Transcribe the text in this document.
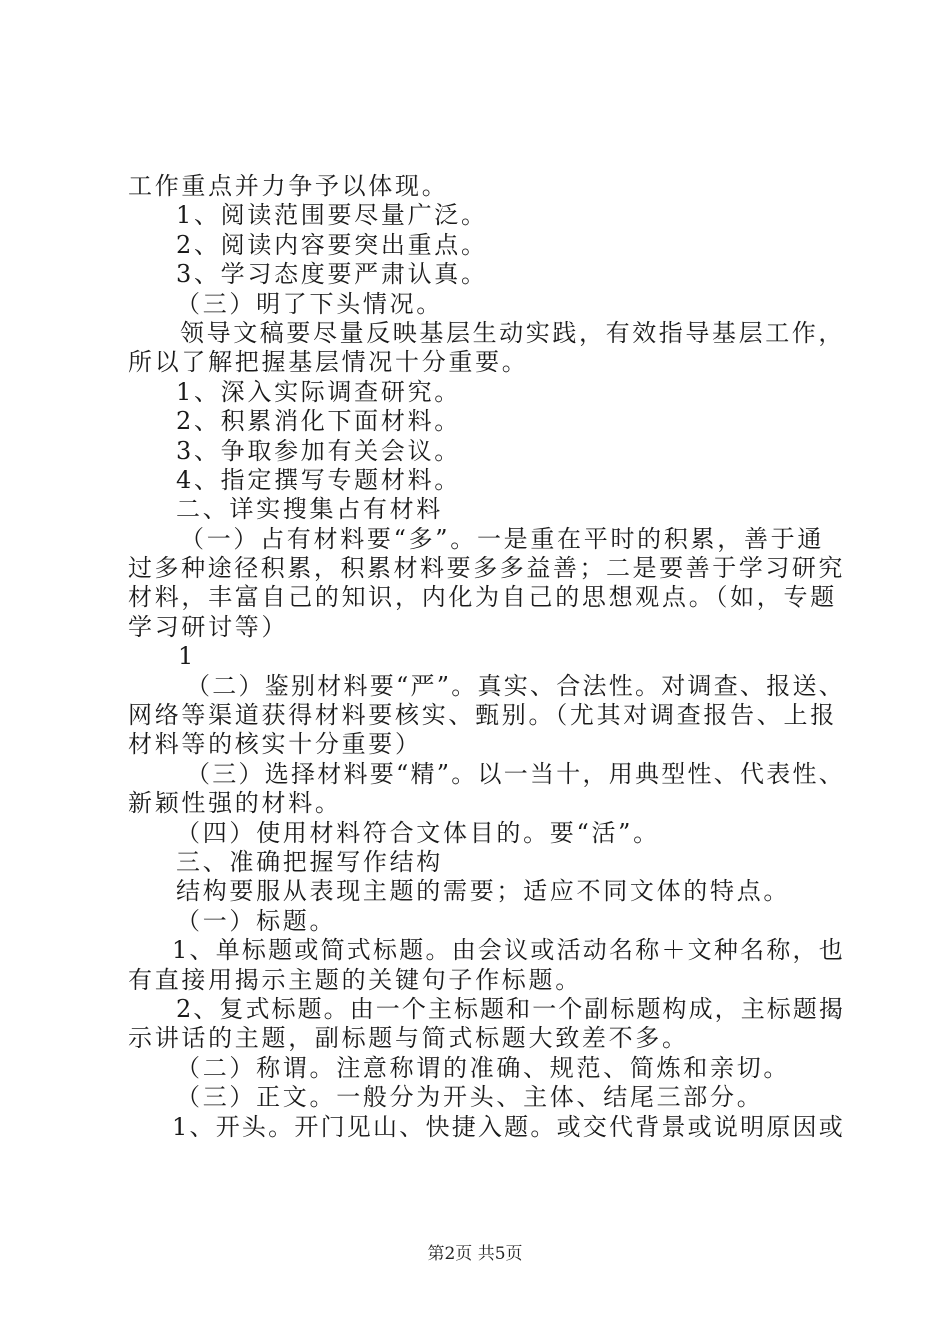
工作重点并力争予以体现。
1、阅读范围要尽量广泛。
2、阅读内容要突出重点。
3、学习态度要严肃认真。
（三）明了下头情况。
领导文稿要尽量反映基层生动实践，有效指导基层工作，
所以了解把握基层情况十分重要。
1、深入实际调查研究。
2、积累消化下面材料。
3、争取参加有关会议。
4、指定撰写专题材料。
二、详实搜集占有材料
（一）占有材料要“多”。一是重在平时的积累，善于通
过多种途径积累，积累材料要多多益善；二是要善于学习研究
材料，丰富自己的知识，内化为自己的思想观点。（如，专题
学习研讨等）
1
（二）鉴别材料要“严”。真实、合法性。对调查、报送、
网络等渠道获得材料要核实、甄别。（尤其对调查报告、上报
材料等的核实十分重要）
（三）选择材料要“精”。以一当十，用典型性、代表性、
新颖性强的材料。
（四）使用材料符合文体目的。要“活”。
三、准确把握写作结构
结构要服从表现主题的需要；适应不同文体的特点。
（一）标题。
1、单标题或简式标题。由会议或活动名称＋文种名称，也
有直接用揭示主题的关键句子作标题。
2、复式标题。由一个主标题和一个副标题构成，主标题揭
示讲话的主题，副标题与简式标题大致差不多。
（二）称谓。注意称谓的准确、规范、简炼和亲切。
（三）正文。一般分为开头、主体、结尾三部分。
1、开头。开门见山、快捷入题。或交代背景或说明原因或
第2页 共5页
